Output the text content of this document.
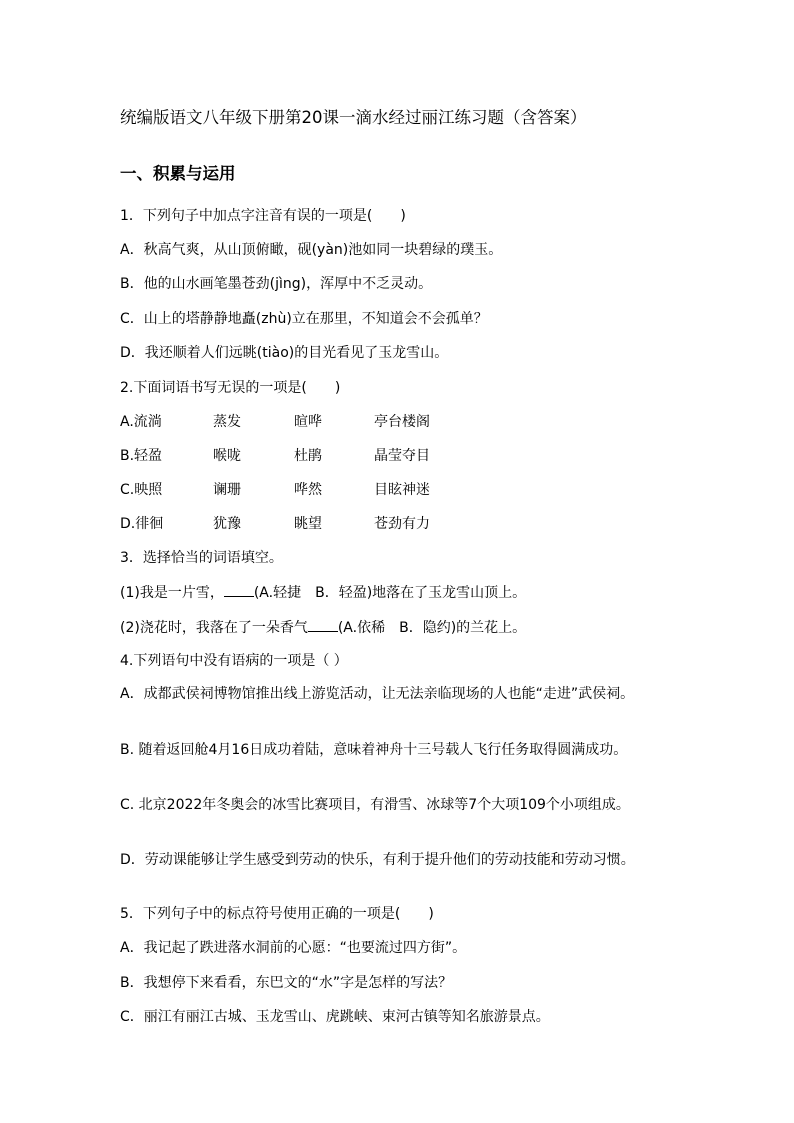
统编版语文八年级下册第20课一滴水经过丽江练习题（含答案）
一、积累与运用
1．下列句子中加点字注音有误的一项是(　　)
A．秋高气爽，从山顶俯瞰，砚(yàn)池如同一块碧绿的璞玉。
B．他的山水画笔墨苍劲(jìng)，浑厚中不乏灵动。
C．山上的塔静静地矗(zhù)立在那里，不知道会不会孤单？
D．我还顺着人们远眺(tiào)的目光看见了玉龙雪山。
2.下面词语书写无误的一项是(　　)
A.流淌	蒸发	暄哗	亭台楼阁
B.轻盈	喉咙	杜鹃	晶莹夺目
C.映照	谰珊	哗然	目眩神迷
D.徘徊	犹豫	眺望	苍劲有力
3．选择恰当的词语填空。
(1)我是一片雪， (A.轻捷　B．轻盈)地落在了玉龙雪山顶上。
(2)浇花时，我落在了一朵香气 (A.依稀　B．隐约)的兰花上。
4.下列语句中没有语病的一项是（ ）
A．成都武侯祠博物馆推出线上游览活动，让无法亲临现场的人也能“走进”武侯祠。
B. 随着返回舱4月16日成功着陆，意味着神舟十三号载人飞行任务取得圆满成功。
C. 北京2022年冬奥会的冰雪比赛项目，有滑雪、冰球等7个大项109个小项组成。
D．劳动课能够让学生感受到劳动的快乐，有利于提升他们的劳动技能和劳动习惯。
5．下列句子中的标点符号使用正确的一项是(　　)
A．我记起了跌进落水洞前的心愿：“也要流过四方街”。
B．我想停下来看看，东巴文的“水”字是怎样的写法？
C．丽江有丽江古城、玉龙雪山、虎跳峡、束河古镇等知名旅游景点。
